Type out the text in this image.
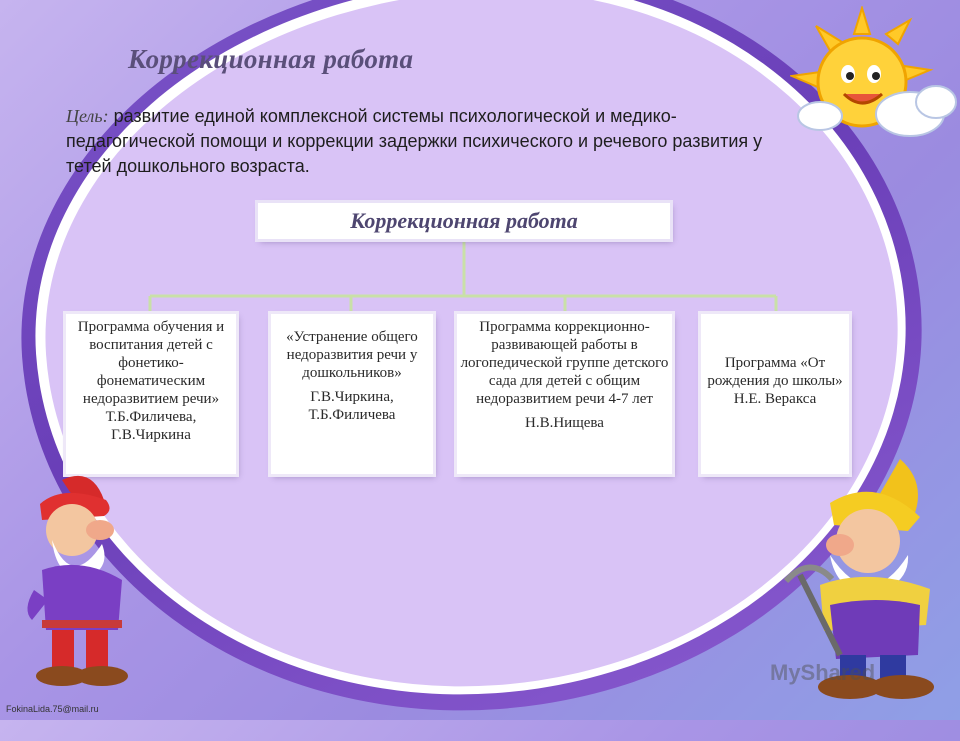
Коррекционная работа
Цель: развитие единой комплексной системы психологической и медико-педагогической помощи и коррекции задержки психического и речевого развития у тетей дошкольного возраста.
Коррекционная работа
Программа обучения и воспитания детей с фонетико-фонематическим недоразвитием речи» Т.Б.Филичева, Г.В.Чиркина
«Устранение общего недоразвития речи у дошкольников»
Г.В.Чиркина, Т.Б.Филичева
Программа коррекционно-развивающей работы в логопедической группе детского сада для детей с общим недоразвитием речи 4-7 лет
Н.В.Нищева
Программа «От рождения до школы» Н.Е. Веракса
MyShared
FokinaLida.75@mail.ru
